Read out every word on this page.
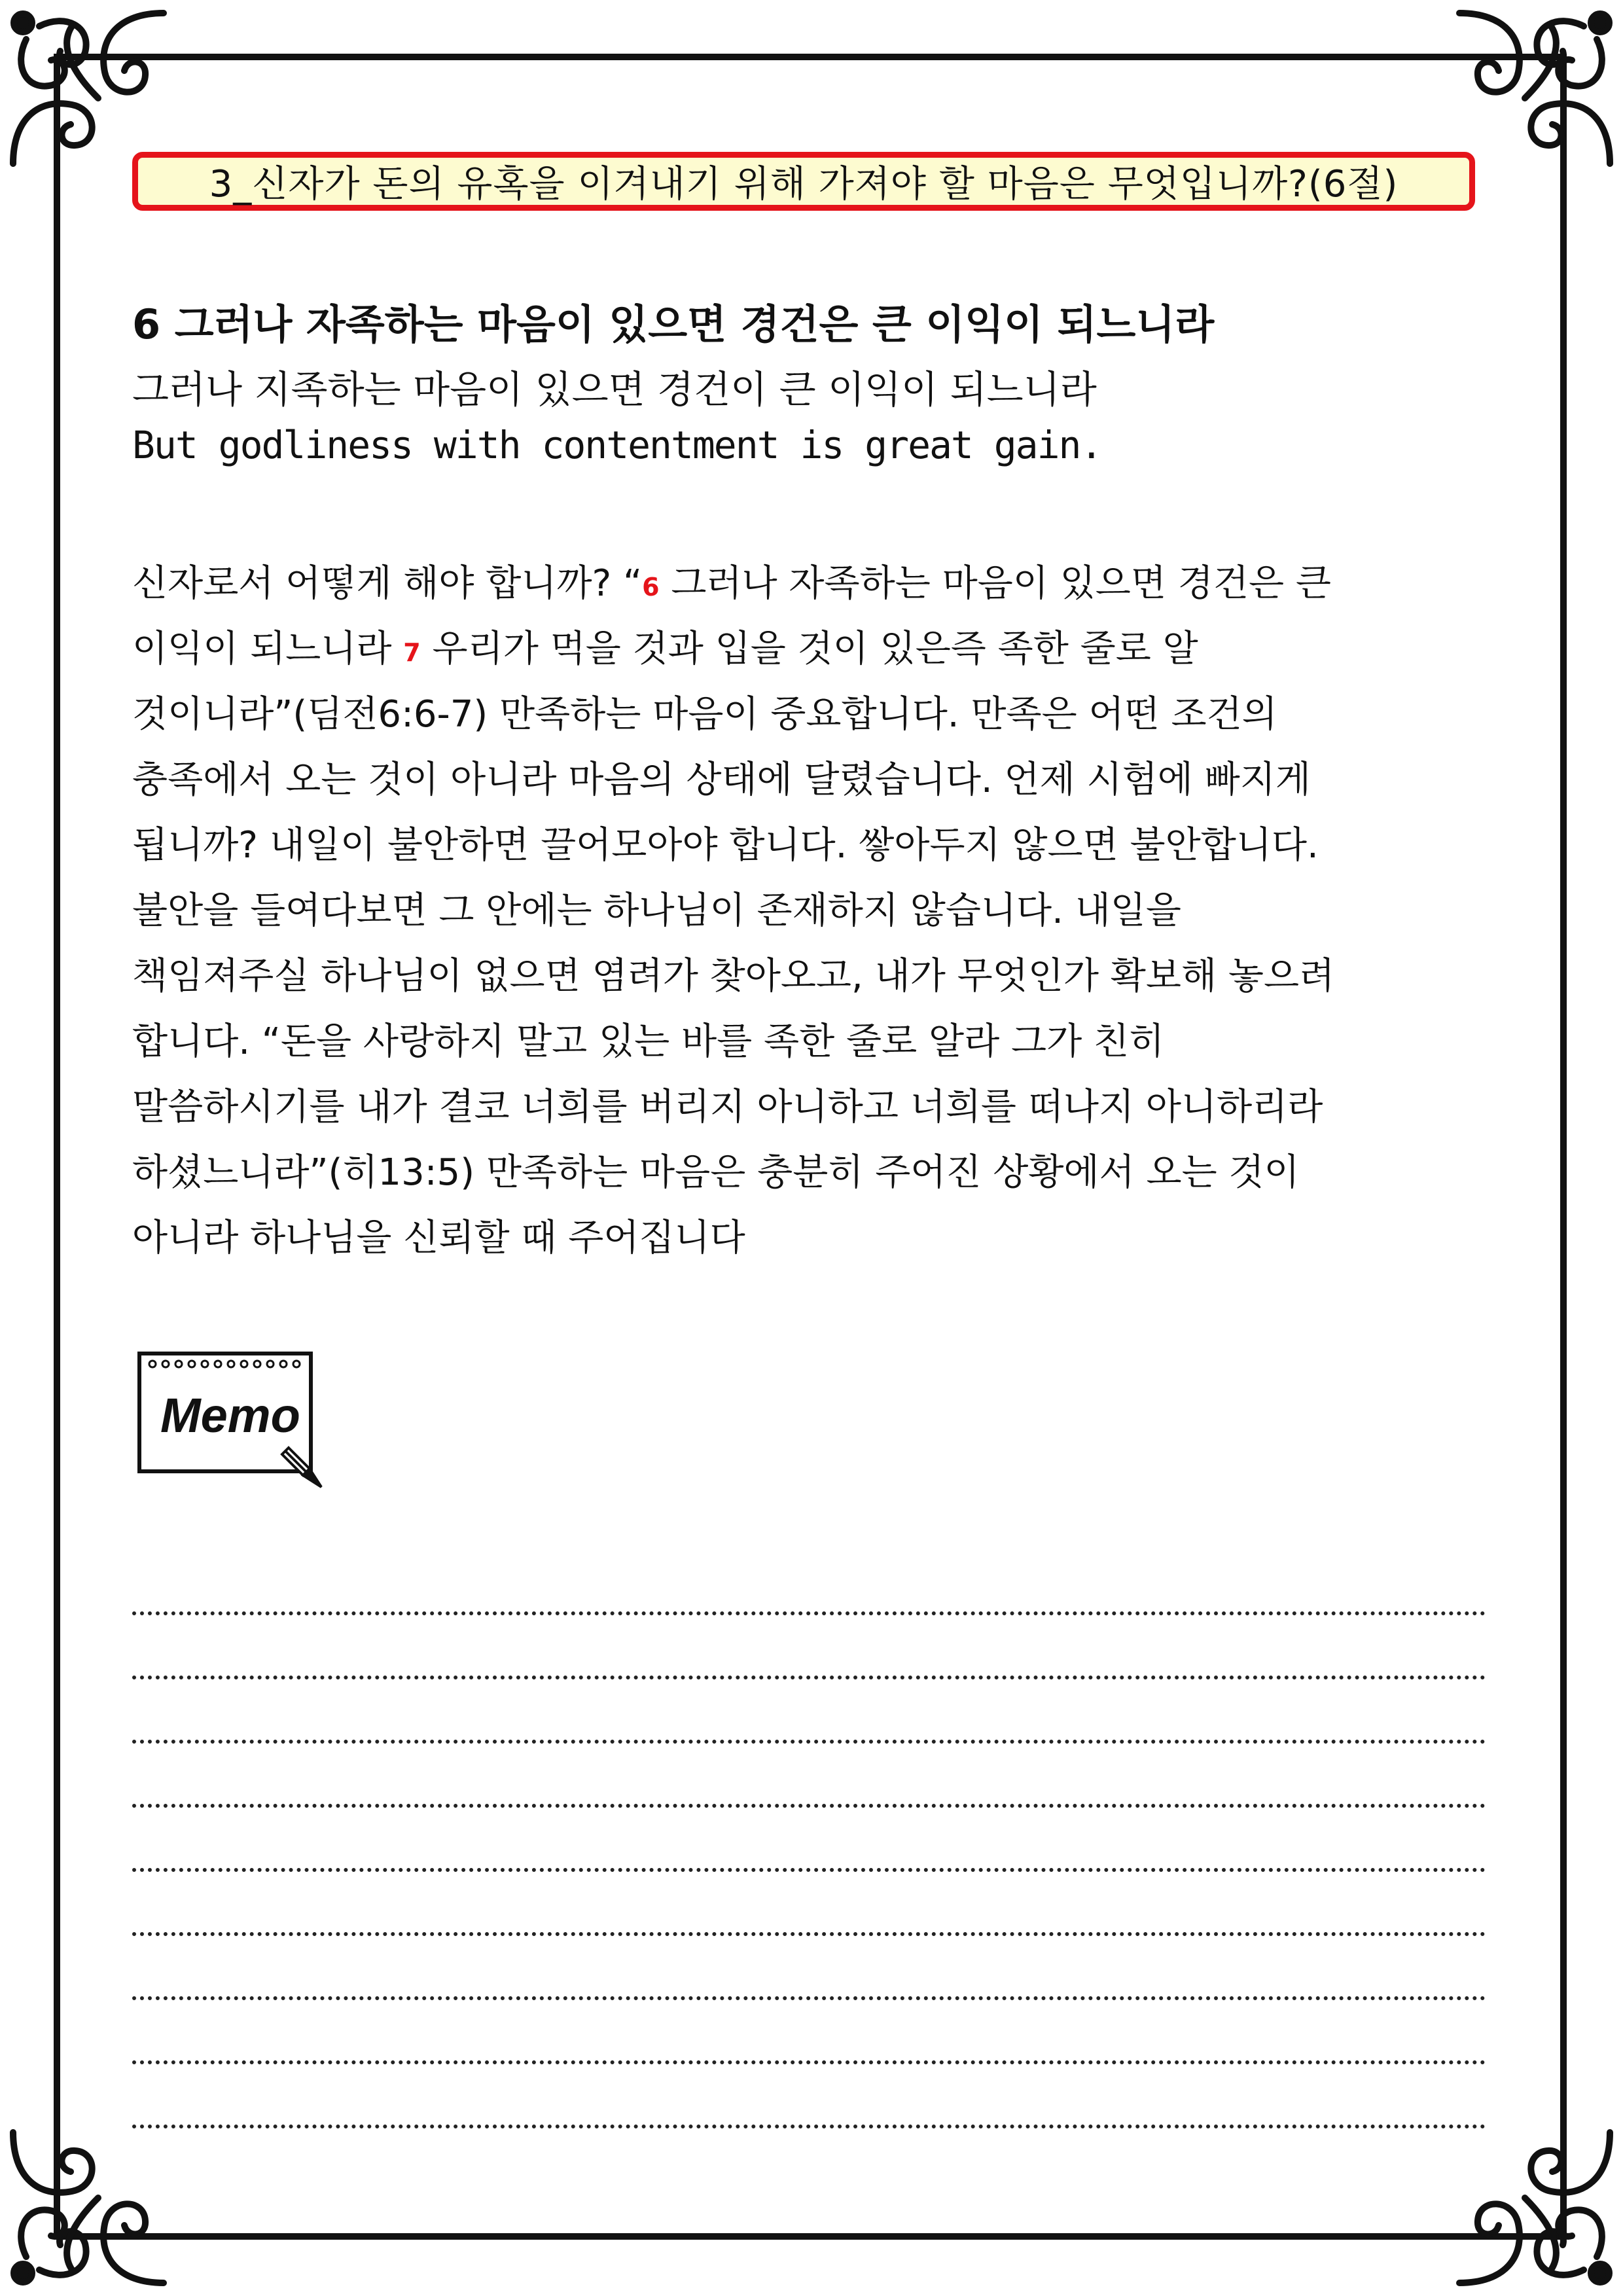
3_신자가 돈의 유혹을 이겨내기 위해 가져야 할 마음은 무엇입니까?(6절)
6 그러나 자족하는 마음이 있으면 경건은 큰 이익이 되느니라
그러나 지족하는 마음이 있으면 경건이 큰 이익이 되느니라
But godliness with contentment is great gain.
신자로서 어떻게 해야 합니까? “6 그러나 자족하는 마음이 있으면 경건은 큰
이익이 되느니라 7 우리가 먹을 것과 입을 것이 있은즉 족한 줄로 알
것이니라”(딤전6:6-7) 만족하는 마음이 중요합니다. 만족은 어떤 조건의
충족에서 오는 것이 아니라 마음의 상태에 달렸습니다. 언제 시험에 빠지게
됩니까? 내일이 불안하면 끌어모아야 합니다. 쌓아두지 않으면 불안합니다.
불안을 들여다보면 그 안에는 하나님이 존재하지 않습니다. 내일을
책임져주실 하나님이 없으면 염려가 찾아오고, 내가 무엇인가 확보해 놓으려
합니다. “돈을 사랑하지 말고 있는 바를 족한 줄로 알라 그가 친히
말씀하시기를 내가 결코 너희를 버리지 아니하고 너희를 떠나지 아니하리라
하셨느니라”(히13:5) 만족하는 마음은 충분히 주어진 상황에서 오는 것이
아니라 하나님을 신뢰할 때 주어집니다
Memo
